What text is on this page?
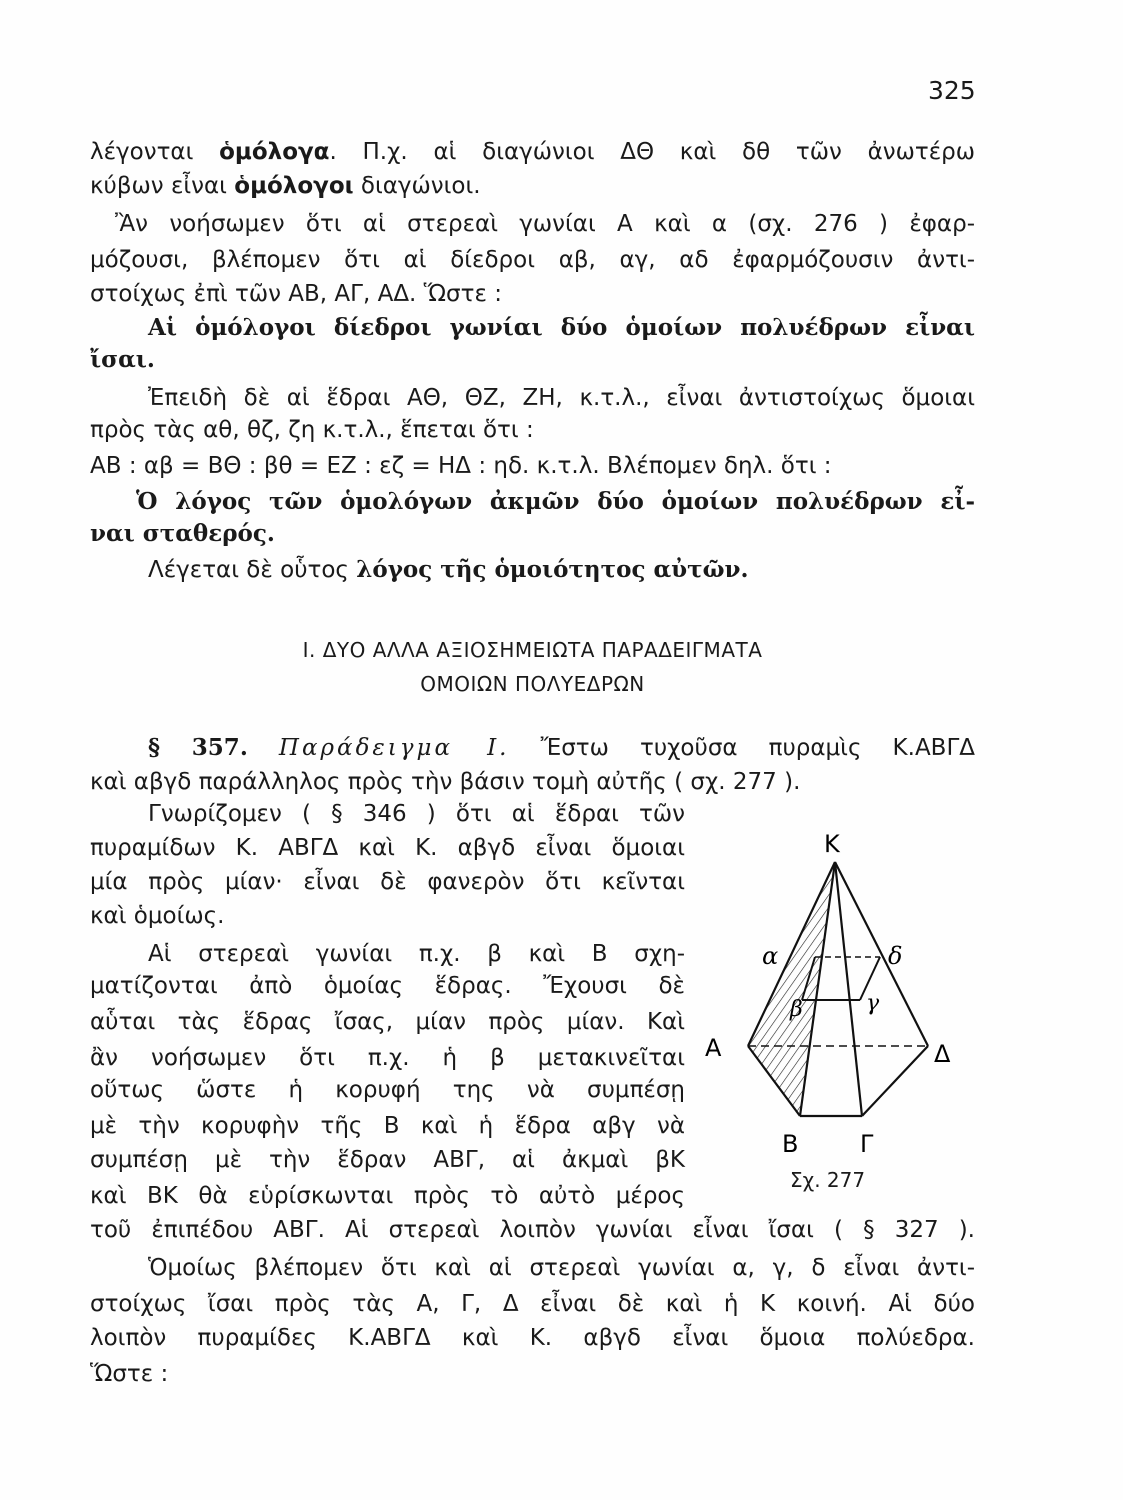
325
λέγονται ὁμόλογα. Π.χ. αἱ διαγώνιοι ΔΘ καὶ δθ τῶν ἀνωτέρω
κύβων εἶναι ὁμόλογοι διαγώνιοι.
Ἂν νοήσωμεν ὅτι αἱ στερεαὶ γωνίαι Α καὶ α (σχ. 276 ) ἐφαρ-
μόζουσι, βλέπομεν ὅτι αἱ δίεδροι αβ, αγ, αδ ἐφαρμόζουσιν ἀντι-
στοίχως ἐπὶ τῶν ΑΒ, ΑΓ, ΑΔ. Ὥστε :
Αἱ ὁμόλογοι δίεδροι γωνίαι δύο ὁμοίων πολυέδρων εἶναι
ἴσαι.
Ἐπειδὴ δὲ αἱ ἕδραι ΑΘ, ΘΖ, ΖΗ, κ.τ.λ., εἶναι ἀντιστοίχως ὅμοιαι
πρὸς τὰς αθ, θζ, ζη κ.τ.λ., ἕπεται ὅτι :
ΑΒ : αβ = ΒΘ : βθ = ΕΖ : εζ = ΗΔ : ηδ. κ.τ.λ. Βλέπομεν δηλ. ὅτι :
Ὁ λόγος τῶν ὁμολόγων ἀκμῶν δύο ὁμοίων πολυέδρων εἶ-
ναι σταθερός.
Λέγεται δὲ οὗτος λόγος τῆς ὁμοιότητος αὐτῶν.
I. ΔΥΟ ΑΛΛΑ ΑΞΙΟΣΗΜΕΙΩΤΑ ΠΑΡΑΔΕΙΓΜΑΤΑ
ΟΜΟΙΩΝ ΠΟΛΥΕΔΡΩΝ
§ 357. Παράδειγμα Ι. Ἔστω τυχοῦσα πυραμὶς Κ.ΑΒΓΔ
καὶ αβγδ παράλληλος πρὸς τὴν βάσιν τομὴ αὐτῆς ( σχ. 277 ).
Γνωρίζομεν ( § 346 ) ὅτι αἱ ἕδραι τῶν
πυραμίδων Κ. ΑΒΓΔ καὶ Κ. αβγδ εἶναι ὅμοιαι
μία πρὸς μίαν· εἶναι δὲ φανερὸν ὅτι κεῖνται
καὶ ὁμοίως.
Αἱ στερεαὶ γωνίαι π.χ. β καὶ Β σχη-
ματίζονται ἀπὸ ὁμοίας ἕδρας. Ἔχουσι δὲ
αὗται τὰς ἕδρας ἴσας, μίαν πρὸς μίαν. Καὶ
ἂν νοήσωμεν ὅτι π.χ. ἡ β μετακινεῖται
οὕτως ὥστε ἡ κορυφή της νὰ συμπέσῃ
μὲ τὴν κορυφὴν τῆς Β καὶ ἡ ἕδρα αβγ νὰ
συμπέσῃ μὲ τὴν ἕδραν ΑΒΓ, αἱ ἀκμαὶ βΚ
καὶ ΒΚ θὰ εὑρίσκωνται πρὸς τὸ αὐτὸ μέρος
τοῦ ἐπιπέδου ΑΒΓ. Αἱ στερεαὶ λοιπὸν γωνίαι εἶναι ἴσαι ( § 327 ).
Ὁμοίως βλέπομεν ὅτι καὶ αἱ στερεαὶ γωνίαι α, γ, δ εἶναι ἀντι-
στοίχως ἴσαι πρὸς τὰς Α, Γ, Δ εἶναι δὲ καὶ ἡ Κ κοινή. Αἱ δύο
λοιπὸν πυραμίδες Κ.ΑΒΓΔ καὶ Κ. αβγδ εἶναι ὅμοια πολύεδρα.
Ὥστε :
Κ
α	δ
β	γ
Α	Δ
Β	Γ
Σχ. 277
